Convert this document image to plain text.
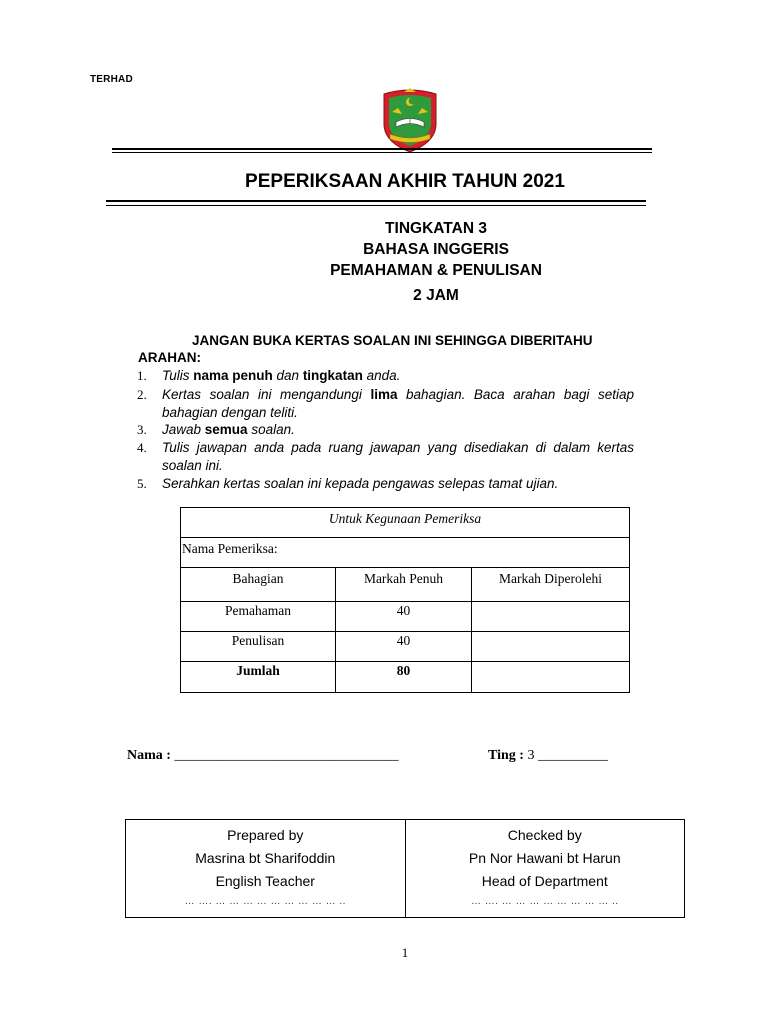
TERHAD
PEPERIKSAAN AKHIR TAHUN 2021
TINGKATAN 3
BAHASA INGGERIS
PEMAHAMAN & PENULISAN
2 JAM
JANGAN BUKA KERTAS SOALAN INI SEHINGGA DIBERITAHU
ARAHAN:
1. Tulis nama penuh dan tingkatan anda.
2. Kertas soalan ini mengandungi lima bahagian. Baca arahan bagi setiap bahagian dengan teliti.
3. Jawab semua soalan.
4. Tulis jawapan anda pada ruang jawapan yang disediakan di dalam kertas soalan ini.
5. Serahkan kertas soalan ini kepada pengawas selepas tamat ujian.
Untuk Kegunaan Pemeriksa		
Nama Pemeriksa:		
Bahagian	Markah Penuh	Markah Diperolehi
Pemahaman	40	
Penulisan	40	
Jumlah	80	
Nama : ________________________________	Ting : 3 __________
Prepared by
Masrina bt Sharifoddin
English Teacher
… …. … … … … … … … … … ..

Checked by
Pn Nor Hawani bt Harun
Head of Department
… …. … … … … … … … … ..
1
